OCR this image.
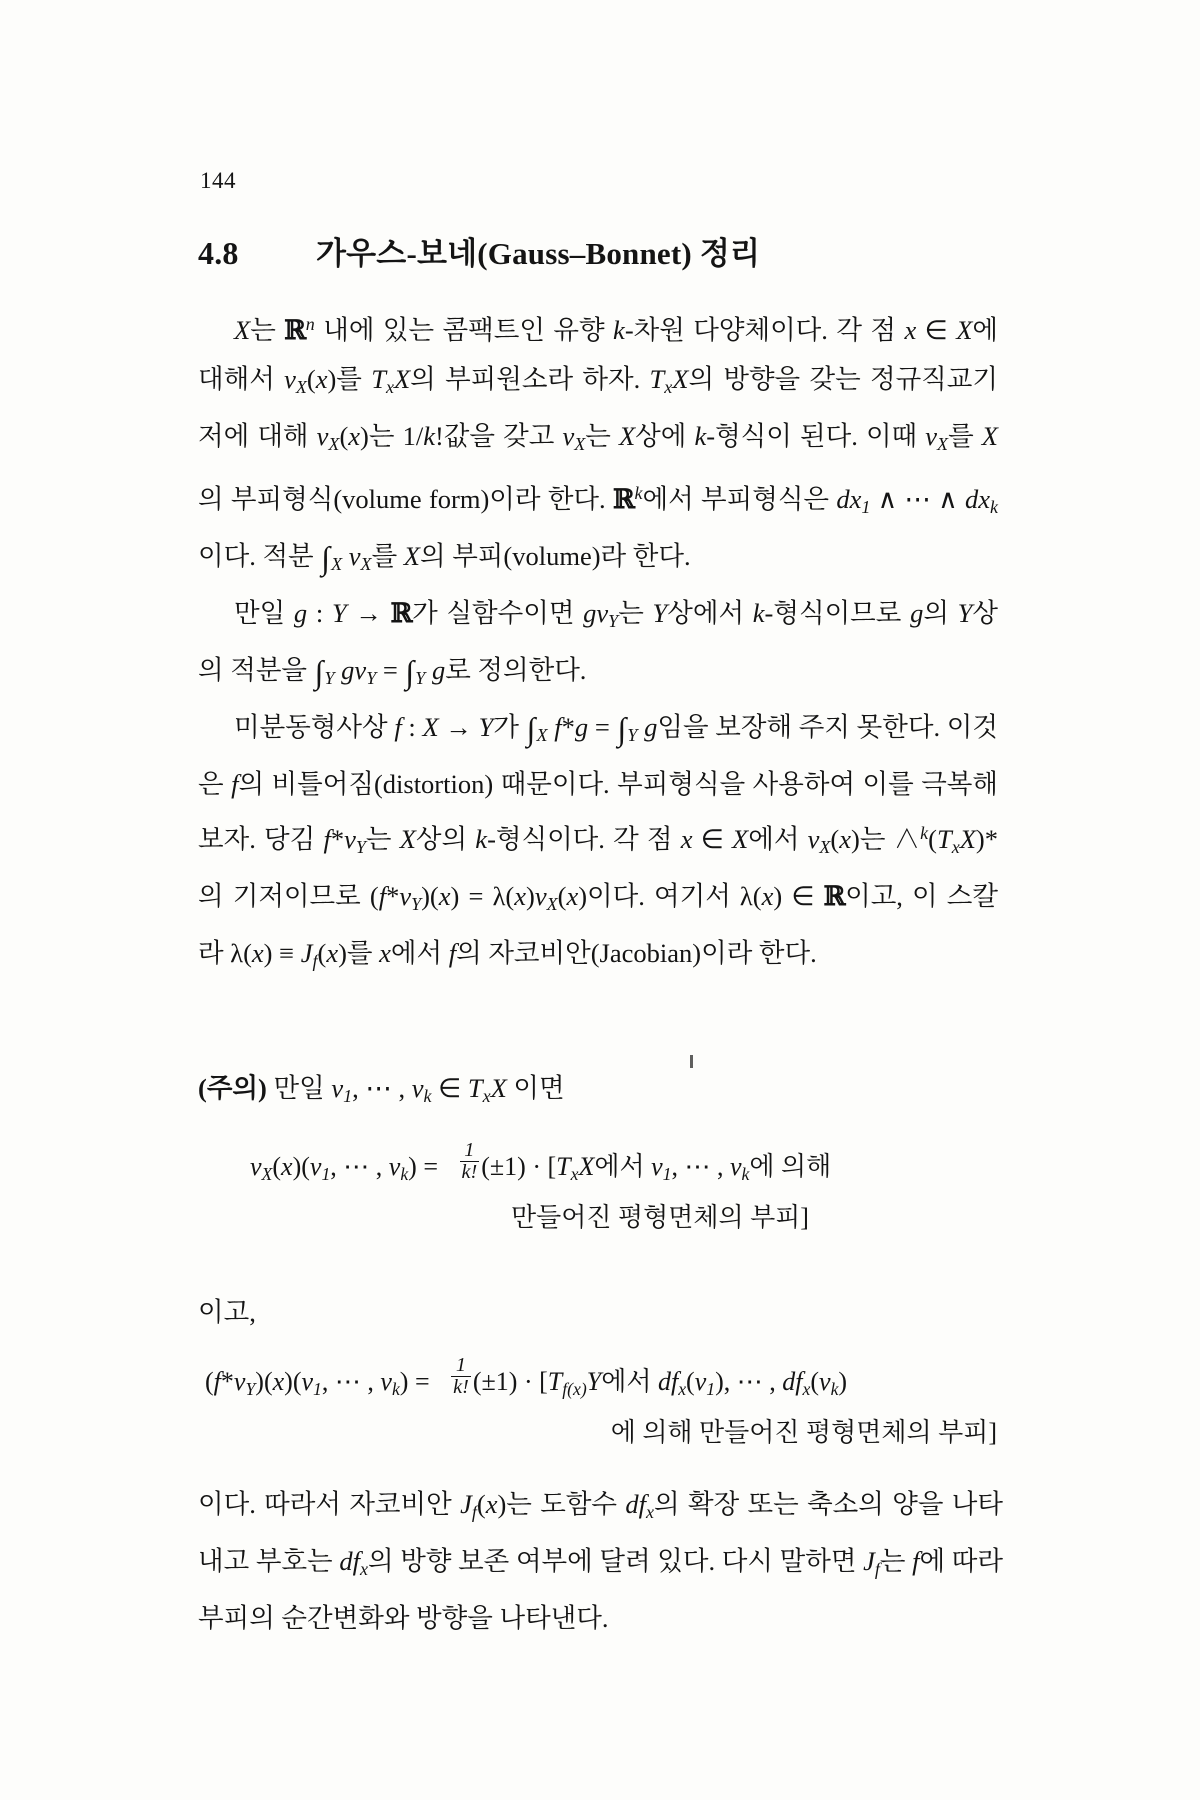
144
4.8 가우스-보네(Gauss–Bonnet) 정리

X는 ℝ$^n$ 내에 있는 콤팩트인 유향 k-차원 다양체이다. 각 점 x ∈ X에 대해서 $v_X(x)$를 $T_xX$의 부피원소라 하자. $T_xX$의 방향을 갖는 정규직교기저에 대해 $v_X(x)$는 1/k!값을 갖고 $v_X$는 X상에 k-형식이 된다. 이때 $v_X$를 X의 부피형식(volume form)이라 한다. ℝ$^k$에서 부피형식은 $dx_1$ ∧ ⋯ ∧ $dx_k$이다. 적분 $\int_X$ $v_X$를 X의 부피(volume)라 한다.

만일 g : Y → ℝ가 실함수이면 $gv_Y$는 Y상에서 k-형식이므로 g의 Y상의 적분을 $\int_Y$ $gv_Y = \int_Y$ g로 정의한다.

미분동형사상 f : X → Y가 $\int_X$ $f*g = \int_Y$ g임을 보장해 주지 못한다. 이것은 f의 비틀어짐(distortion) 때문이다. 부피형식을 사용하여 이를 극복해 보자. 당김 $f*v_Y$는 X상의 k-형식이다. 각 점 x ∈ X에서 $v_X(x)$는 $\wedge^k(T_xX)*$의 기저이므로 $(f*v_Y)(x) = \lambda(x)v_X(x)$이다. 여기서 λ(x) ∈ ℝ이고, 이 스칼라 $\lambda(x) \equiv J_f(x)$를 x에서 f의 자코비안(Jacobian)이라 한다.

(주의) 만일 $v_1$, ⋯ , $v_k$ ∈ $T_xX$ 이면
$v_X(x)(v_1$, ⋯ , $v_k) = \frac{1}{k!} (\pm 1) \cdot [T_xX$에서 $v_1$, ⋯ , $v_k$에 의해
만들어진 평형면체의 부피]
이고,
$(f*v_Y)(x)(v_1$, ⋯ , $v_k) = \frac{1}{k!} (\pm 1) \cdot [T_{f(x)}Y$에서 $df_x(v_1)$, ⋯ , $df_x(v_k)$
에 의해 만들어진 평형면체의 부피]

이다. 따라서 자코비안 $J_f(x)$는 도함수 $df_x$의 확장 또는 축소의 양을 나타내고 부호는 $df_x$의 방향 보존 여부에 달려 있다. 다시 말하면 $J_f$는 f에 따라 부피의 순간변화와 방향을 나타낸다.
